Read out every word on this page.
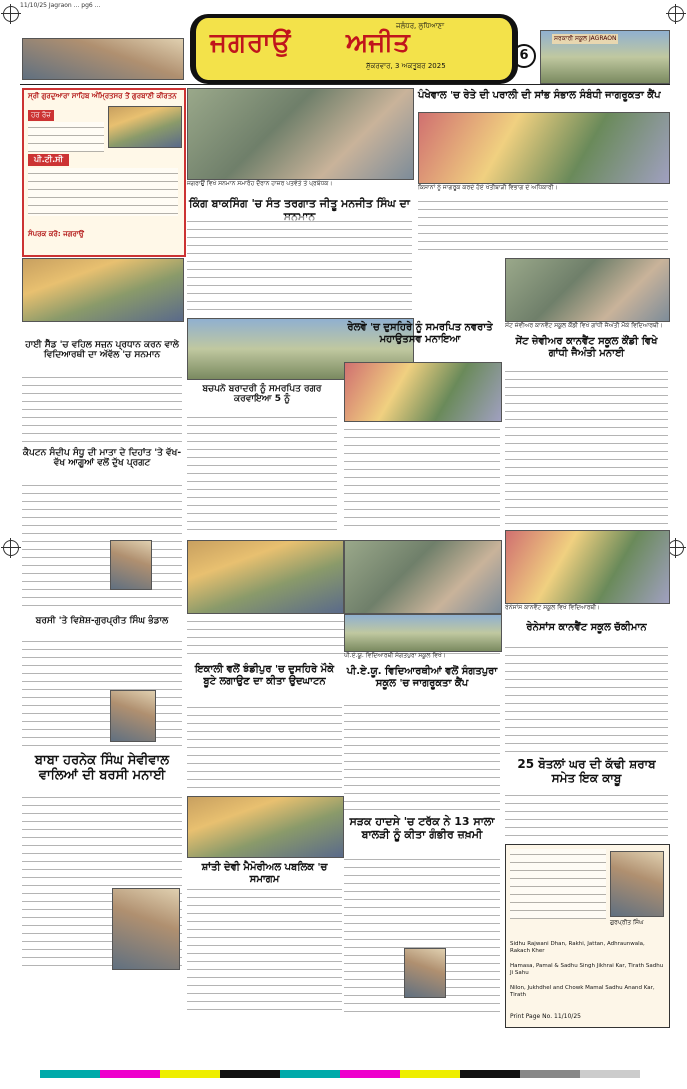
11/10/25 Jagraon ... pg6 ...
ਜਗਰਾਉਂ
ਜਲੰਧਰ, ਲੁਧਿਆਣਾ
ਅਜੀਤ
ਸ਼ੁੱਕਰਵਾਰ, 3 ਅਕਤੂਬਰ 2025
6
ਸਰਕਾਰੀ ਸਕੂਲ JAGRAON
ਸ੍ਰੀ ਗੁਰਦੁਆਰਾ ਸਾਹਿਬ ਅੰਮ੍ਰਿਤਸਰ ਤੋਂ ਗੁਰਬਾਣੀ ਕੀਰਤਨ
ਹਰ ਰੋਜ਼
ਪੀ.ਟੀ.ਸੀ
ਸੰਪਰਕ ਕਰੋ: ਜਗਰਾਉਂ
ਜਗਰਾਉਂ ਵਿਖੇ ਸਨਮਾਨ ਸਮਾਰੋਹ ਦੌਰਾਨ ਹਾਜ਼ਰ ਪਤਵੰਤੇ ਤੇ ਪ੍ਰਬੰਧਕ।
ਕਿੰਗ ਬਾਕਸਿੰਗ 'ਚ ਸੰਤ ਤਰਗਾਤ ਜੀਤੂ ਮਨਜੀਤ ਸਿੰਘ ਦਾ
ਪੰਖੇਵਾਲ 'ਚ ਰੇਤੇ ਦੀ ਪਰਾਲੀ ਦੀ ਸਾਂਭ ਸੰਭਾਲ ਸੰਬੰਧੀ ਜਾਗਰੂਕਤਾ ਕੈਂਪ
ਕਿਸਾਨਾਂ ਨੂੰ ਜਾਗਰੂਕ ਕਰਦੇ ਹੋਏ ਖੇਤੀਬਾੜੀ ਵਿਭਾਗ ਦੇ ਅਧਿਕਾਰੀ।
ਹਾਈ ਸੈੱਡ 'ਚ ਵਹਿਲ ਸਜ਼ਨ ਪ੍ਰਧਾਨ ਕਰਨ ਵਾਲੇ ਵਿਦਿਆਰਥੀ ਦਾ ਅੱਵੱਲ 'ਚ ਸਨਮਾਨ
ਰੇਲਵੇ 'ਚ ਦੁਸਹਿਰੇ ਨੂੰ ਸਮਰਪਿਤ ਨਵਰਾਤੇ ਮਹਾਉਤਸਵ ਮਨਾਇਆ
ਸੇਂਟ ਜ਼ੇਵੀਅਰ ਕਾਨਵੈਂਟ ਸਕੂਲ ਕੌਂਡੀ ਵਿਖੇ ਗਾਂਧੀ ਜੈਅੰਤੀ ਮੌਕੇ ਵਿਦਿਆਰਥੀ।
ਸੇਂਟ ਜ਼ੇਵੀਅਰ ਕਾਨਵੈਂਟ ਸਕੂਲ ਕੌਂਡੀ ਵਿਖੇ ਗਾਂਧੀ ਜੈਅੰਤੀ ਮਨਾਈ
ਕੈਪਟਨ ਸੰਦੀਪ ਸੰਧੂ ਦੀ ਮਾਤਾ ਦੇ ਦਿਹਾਂਤ 'ਤੇ ਵੱਖ-ਵੱਖ ਆਗੂਆਂ ਵਲੋਂ ਦੁੱਖ ਪ੍ਰਗਟ
ਬਚਪਨੋ ਬਰਾਦਰੀ ਨੂੰ ਸਮਰਪਿਤ ਰਗਰ ਕਰਵਾਇਆ 5 ਨੂੰ
ਰੇਨੇਸਾਂਸ ਕਾਨਵੈਂਟ ਸਕੂਲ ਵਿਖੇ ਵਿਦਿਆਰਥੀ।
ਰੇਨੇਸਾਂਸ ਕਾਨਵੈਂਟ ਸਕੂਲ ਚੱਕੀਮਾਨ
ਬਰਸੀ 'ਤੇ ਵਿਸ਼ੇਸ਼-ਗੁਰਪ੍ਰੀਤ ਸਿੰਘ ਭੰਡਾਲ
ਇਕਾਲੀ ਵਲੋਂ ਝੰਡੀਪੁਰ 'ਚ ਦੁਸਹਿਰੇ ਮੌਕੇ ਬੂਟੇ ਲਗਾਉਣ ਦਾ ਕੀਤਾ ਉਦਘਾਟਨ
ਪੀ.ਏ.ਯੂ. ਵਿਦਿਆਰਥੀ ਸੰਗਤਪੁਰਾ ਸਕੂਲ ਵਿਖੇ।
ਪੀ.ਏ.ਯੂ. ਵਿਦਿਆਰਥੀਆਂ ਵਲੋਂ ਸੰਗਤਪੁਰਾ ਸਕੂਲ 'ਚ ਜਾਗਰੂਕਤਾ ਕੈਂਪ
25 ਬੋਤਲਾਂ ਘਰ ਦੀ ਕੱਢੀ ਸ਼ਰਾਬ ਸਮੇਤ ਇਕ ਕਾਬੂ
ਬਾਬਾ ਹਰਨੇਕ ਸਿੰਘ ਸੇਵੀਵਾਲ ਵਾਲਿਆਂ ਦੀ ਬਰਸੀ ਮਨਾਈ
ਸੜਕ ਹਾਦਸੇ 'ਚ ਟਰੱਕ ਨੇ 13 ਸਾਲਾ ਬਾਲੜੀ ਨੂੰ ਕੀਤਾ ਗੰਭੀਰ ਜ਼ਖ਼ਮੀ
ਸ਼ਾਂਤੀ ਦੇਵੀ ਮੈਮੋਰੀਅਲ ਪਬਲਿਕ 'ਚ ਸਮਾਗਮ
ਗੁਰਪ੍ਰੀਤ ਸਿੰਘ
Sidhu Rajwani Dhan, Rakhi, Jattan, Adhraunwala, Rakach Kher
Hamasa, Pamal & Sadhu Singh Jikhrai Kar, Tirath Sadhu Ji Sahu
Nilon, Jukhdhel and Chowk Mamal Sadhu Anand Kar, Tirath
Print Page No. 11/10/25
